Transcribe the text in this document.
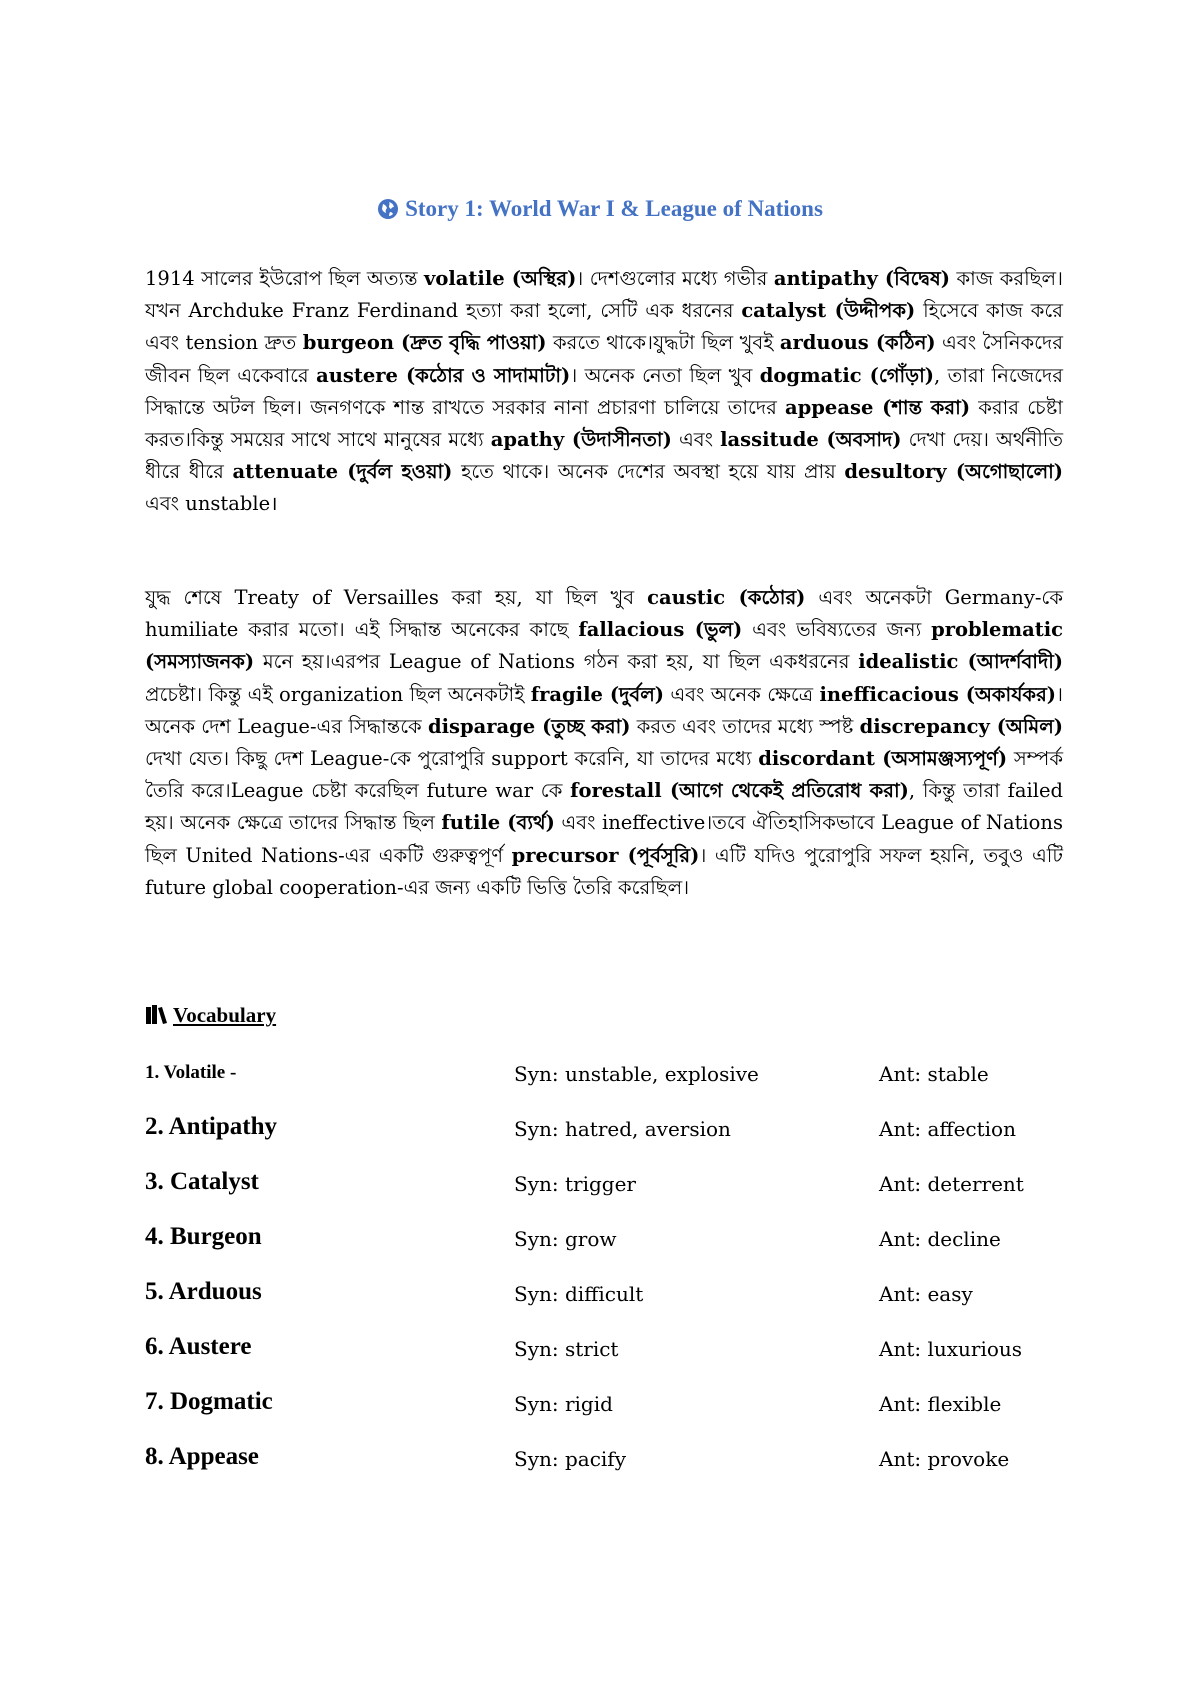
Story 1: World War I & League of Nations

1914 সালের ইউরোপ ছিল অত্যন্ত volatile (অস্থির)। দেশগুলোর মধ্যে গভীর antipathy (বিদ্বেষ) কাজ করছিল। যখন Archduke Franz Ferdinand হত্যা করা হলো, সেটি এক ধরনের catalyst (উদ্দীপক) হিসেবে কাজ করে এবং tension দ্রুত burgeon (দ্রুত বৃদ্ধি পাওয়া) করতে থাকে।যুদ্ধটা ছিল খুবই arduous (কঠিন) এবং সৈনিকদের জীবন ছিল একেবারে austere (কঠোর ও সাদামাটা)। অনেক নেতা ছিল খুব dogmatic (গোঁড়া), তারা নিজেদের সিদ্ধান্তে অটল ছিল। জনগণকে শান্ত রাখতে সরকার নানা প্রচারণা চালিয়ে তাদের appease (শান্ত করা) করার চেষ্টা করত।কিন্তু সময়ের সাথে সাথে মানুষের মধ্যে apathy (উদাসীনতা) এবং lassitude (অবসাদ) দেখা দেয়। অর্থনীতি ধীরে ধীরে attenuate (দুর্বল হওয়া) হতে থাকে। অনেক দেশের অবস্থা হয়ে যায় প্রায় desultory (অগোছালো) এবং unstable।

যুদ্ধ শেষে Treaty of Versailles করা হয়, যা ছিল খুব caustic (কঠোর) এবং অনেকটা Germany-কে humiliate করার মতো। এই সিদ্ধান্ত অনেকের কাছে fallacious (ভুল) এবং ভবিষ্যতের জন্য problematic (সমস্যাজনক) মনে হয়।এরপর League of Nations গঠন করা হয়, যা ছিল একধরনের idealistic (আদর্শবাদী) প্রচেষ্টা। কিন্তু এই organization ছিল অনেকটাই fragile (দুর্বল) এবং অনেক ক্ষেত্রে inefficacious (অকার্যকর)।অনেক দেশ League-এর সিদ্ধান্তকে disparage (তুচ্ছ করা) করত এবং তাদের মধ্যে স্পষ্ট discrepancy (অমিল) দেখা যেত। কিছু দেশ League-কে পুরোপুরি support করেনি, যা তাদের মধ্যে discordant (অসামঞ্জস্যপূর্ণ) সম্পর্ক তৈরি করে।League চেষ্টা করেছিল future war কে forestall (আগে থেকেই প্রতিরোধ করা), কিন্তু তারা failed হয়। অনেক ক্ষেত্রে তাদের সিদ্ধান্ত ছিল futile (ব্যর্থ) এবং ineffective।তবে ঐতিহাসিকভাবে League of Nations ছিল United Nations-এর একটি গুরুত্বপূর্ণ precursor (পূর্বসূরি)। এটি যদিও পুরোপুরি সফল হয়নি, তবুও এটি future global cooperation-এর জন্য একটি ভিত্তি তৈরি করেছিল।

Vocabulary
1. Volatile -	Syn: unstable, explosive	Ant: stable
2. Antipathy	Syn: hatred, aversion	Ant: affection
3. Catalyst	Syn: trigger	Ant: deterrent
4. Burgeon	Syn: grow	Ant: decline
5. Arduous	Syn: difficult	Ant: easy
6. Austere	Syn: strict	Ant: luxurious
7. Dogmatic	Syn: rigid	Ant: flexible
8. Appease	Syn: pacify	Ant: provoke
